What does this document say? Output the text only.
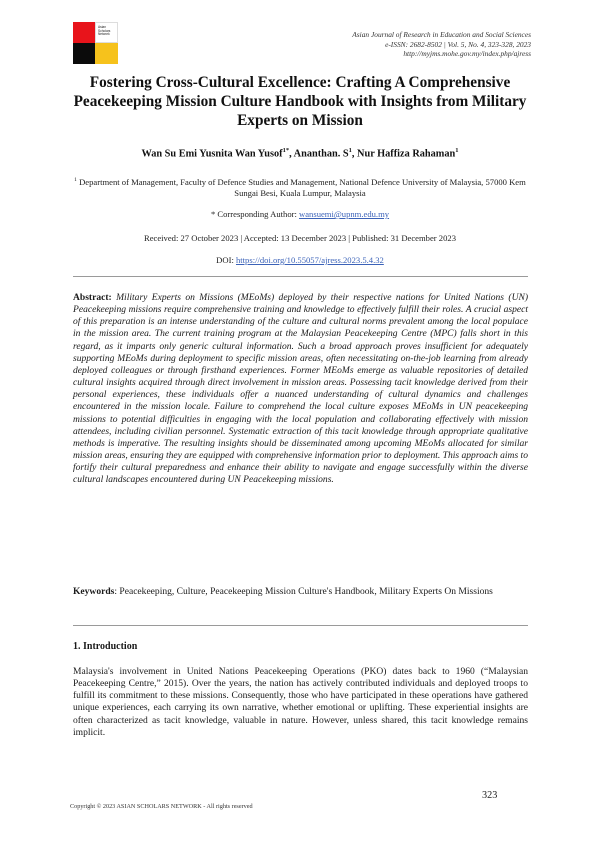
Asian
Scholars
Network	Asian Journal of Research in Education and Social Sciences
e-ISSN: 2682-8502 | Vol. 5, No. 4, 323-328, 2023
http://myjms.mohe.gov.my/index.php/ajress
Fostering Cross-Cultural Excellence: Crafting A Comprehensive Peacekeeping Mission Culture Handbook with Insights from Military Experts on Mission
Wan Su Emi Yusnita Wan Yusof$^{1*}$, Ananthan. $S^1$, Nur Haffiza Rahaman$^1$
$^1$ Department of Management, Faculty of Defence Studies and Management, National Defence University of Malaysia, 57000 Kem Sungai Besi, Kuala Lumpur, Malaysia
* Corresponding Author: wansuemi@upnm.edu.my
Received: 27 October 2023 | Accepted: 13 December 2023 | Published: 31 December 2023
DOI: https://doi.org/10.55057/ajress.2023.5.4.32
Abstract: Military Experts on Missions (MEoMs) deployed by their respective nations for United Nations (UN) Peacekeeping missions require comprehensive training and knowledge to effectively fulfill their roles. A crucial aspect of this preparation is an intense understanding of the culture and cultural norms prevalent among the local populace in the mission area. The current training program at the Malaysian Peacekeeping Centre (MPC) falls short in this regard, as it imparts only generic cultural information. Such a broad approach proves insufficient for adequately supporting MEoMs during deployment to specific mission areas, often necessitating on-the-job learning from already deployed colleagues or through firsthand experiences. Former MEoMs emerge as valuable repositories of detailed cultural insights acquired through direct involvement in mission areas. Possessing tacit knowledge derived from their personal experiences, these individuals offer a nuanced understanding of cultural dynamics and challenges encountered in the mission locale. Failure to comprehend the local culture exposes MEoMs in UN peacekeeping missions to potential difficulties in engaging with the local population and collaborating effectively with mission attendees, including civilian personnel. Systematic extraction of this tacit knowledge through appropriate qualitative methods is imperative. The resulting insights should be disseminated among upcoming MEoMs allocated for similar mission areas, ensuring they are equipped with comprehensive information prior to deployment. This approach aims to fortify their cultural preparedness and enhance their ability to navigate and engage successfully within the diverse cultural landscapes encountered during UN Peacekeeping missions.
Keywords: Peacekeeping, Culture, Peacekeeping Mission Culture's Handbook, Military Experts On Missions
1. Introduction
Malaysia's involvement in United Nations Peacekeeping Operations (PKO) dates back to 1960 (“Malaysian Peacekeeping Centre,” 2015). Over the years, the nation has actively contributed individuals and deployed troops to fulfill its commitment to these missions. Consequently, those who have participated in these operations have gathered unique experiences, each carrying its own narrative, whether emotional or uplifting. These experiential insights are often characterized as tacit knowledge, valuable in nature. However, unless shared, this tacit knowledge remains implicit.
323
Copyright © 2023 ASIAN SCHOLARS NETWORK - All rights reserved
